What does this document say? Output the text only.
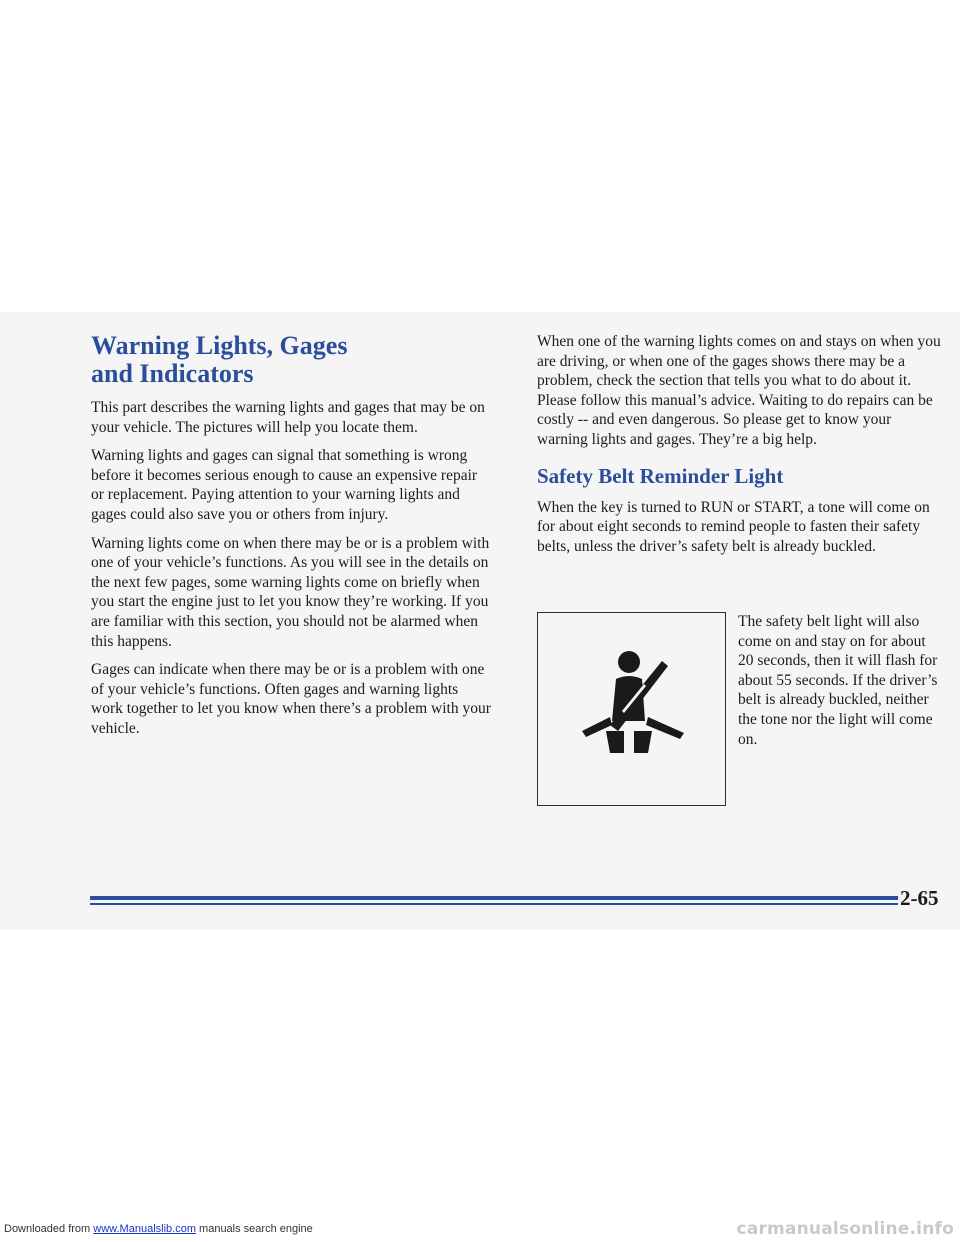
Warning Lights, Gages
and Indicators

This part describes the warning lights and gages that may be on your vehicle. The pictures will help you locate them.

Warning lights and gages can signal that something is wrong before it becomes serious enough to cause an expensive repair or replacement. Paying attention to your warning lights and gages could also save you or others from injury.

Warning lights come on when there may be or is a problem with one of your vehicle’s functions. As you will see in the details on the next few pages, some warning lights come on briefly when you start the engine just to let you know they’re working. If you are familiar with this section, you should not be alarmed when this happens.

Gages can indicate when there may be or is a problem with one of your vehicle’s functions. Often gages and warning lights work together to let you know when there’s a problem with your vehicle.

When one of the warning lights comes on and stays on when you are driving, or when one of the gages shows there may be a problem, check the section that tells you what to do about it. Please follow this manual’s advice. Waiting to do repairs can be costly -- and even dangerous. So please get to know your warning lights and gages. They’re a big help.

Safety Belt Reminder Light

When the key is turned to RUN or START, a tone will come on for about eight seconds to remind people to fasten their safety belts, unless the driver’s safety belt is already buckled.

The safety belt light will also come on and stay on for about 20 seconds, then it will flash for about 55 seconds. If the driver’s belt is already buckled, neither the tone nor the light will come on.

2-65
Downloaded from www.Manualslib.com manuals search engine	carmanualsonline.info
